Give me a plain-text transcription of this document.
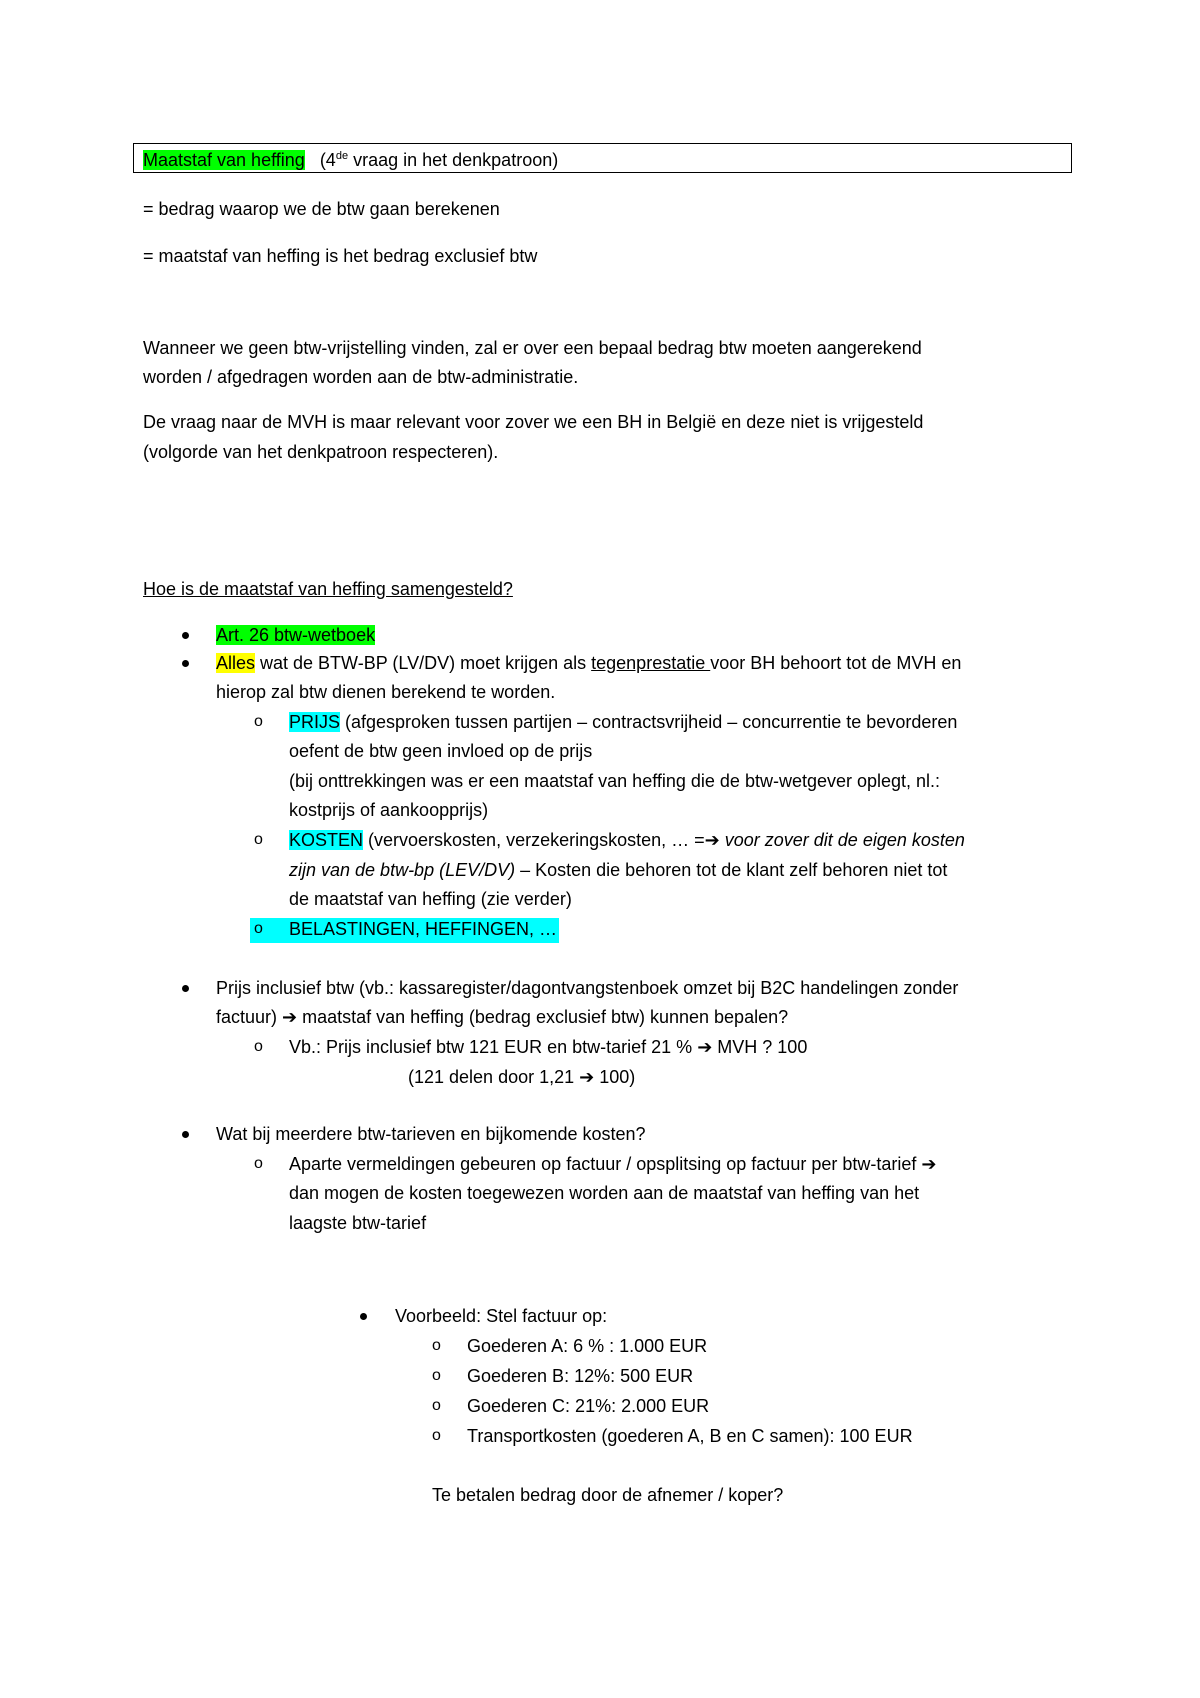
Maatstaf van heffing (4de vraag in het denkpatroon)
= bedrag waarop we de btw gaan berekenen
= maatstaf van heffing is het bedrag exclusief btw
Wanneer we geen btw-vrijstelling vinden, zal er over een bepaal bedrag btw moeten aangerekend
worden / afgedragen worden aan de btw-administratie.
De vraag naar de MVH is maar relevant voor zover we een BH in België en deze niet is vrijgesteld
(volgorde van het denkpatroon respecteren).
Hoe is de maatstaf van heffing samengesteld?
Art. 26 btw-wetboek
Alles wat de BTW-BP (LV/DV) moet krijgen als tegenprestatie voor BH behoort tot de MVH en
hierop zal btw dienen berekend te worden.
o PRIJS (afgesproken tussen partijen – contractsvrijheid – concurrentie te bevorderen
oefent de btw geen invloed op de prijs
(bij onttrekkingen was er een maatstaf van heffing die de btw-wetgever oplegt, nl.:
kostprijs of aankoopprijs)
o KOSTEN (vervoerskosten, verzekeringskosten, … =➔ voor zover dit de eigen kosten
zijn van de btw-bp (LEV/DV) – Kosten die behoren tot de klant zelf behoren niet tot
de maatstaf van heffing (zie verder)
o BELASTINGEN, HEFFINGEN, …
Prijs inclusief btw (vb.: kassaregister/dagontvangstenboek omzet bij B2C handelingen zonder
factuur) ➔ maatstaf van heffing (bedrag exclusief btw) kunnen bepalen?
o Vb.: Prijs inclusief btw 121 EUR en btw-tarief 21 % ➔ MVH ? 100
(121 delen door 1,21 ➔ 100)
Wat bij meerdere btw-tarieven en bijkomende kosten?
o Aparte vermeldingen gebeuren op factuur / opsplitsing op factuur per btw-tarief ➔
dan mogen de kosten toegewezen worden aan de maatstaf van heffing van het
laagste btw-tarief
Voorbeeld: Stel factuur op:
o Goederen A: 6 % : 1.000 EUR
o Goederen B: 12%: 500 EUR
o Goederen C: 21%: 2.000 EUR
o Transportkosten (goederen A, B en C samen): 100 EUR
Te betalen bedrag door de afnemer / koper?
